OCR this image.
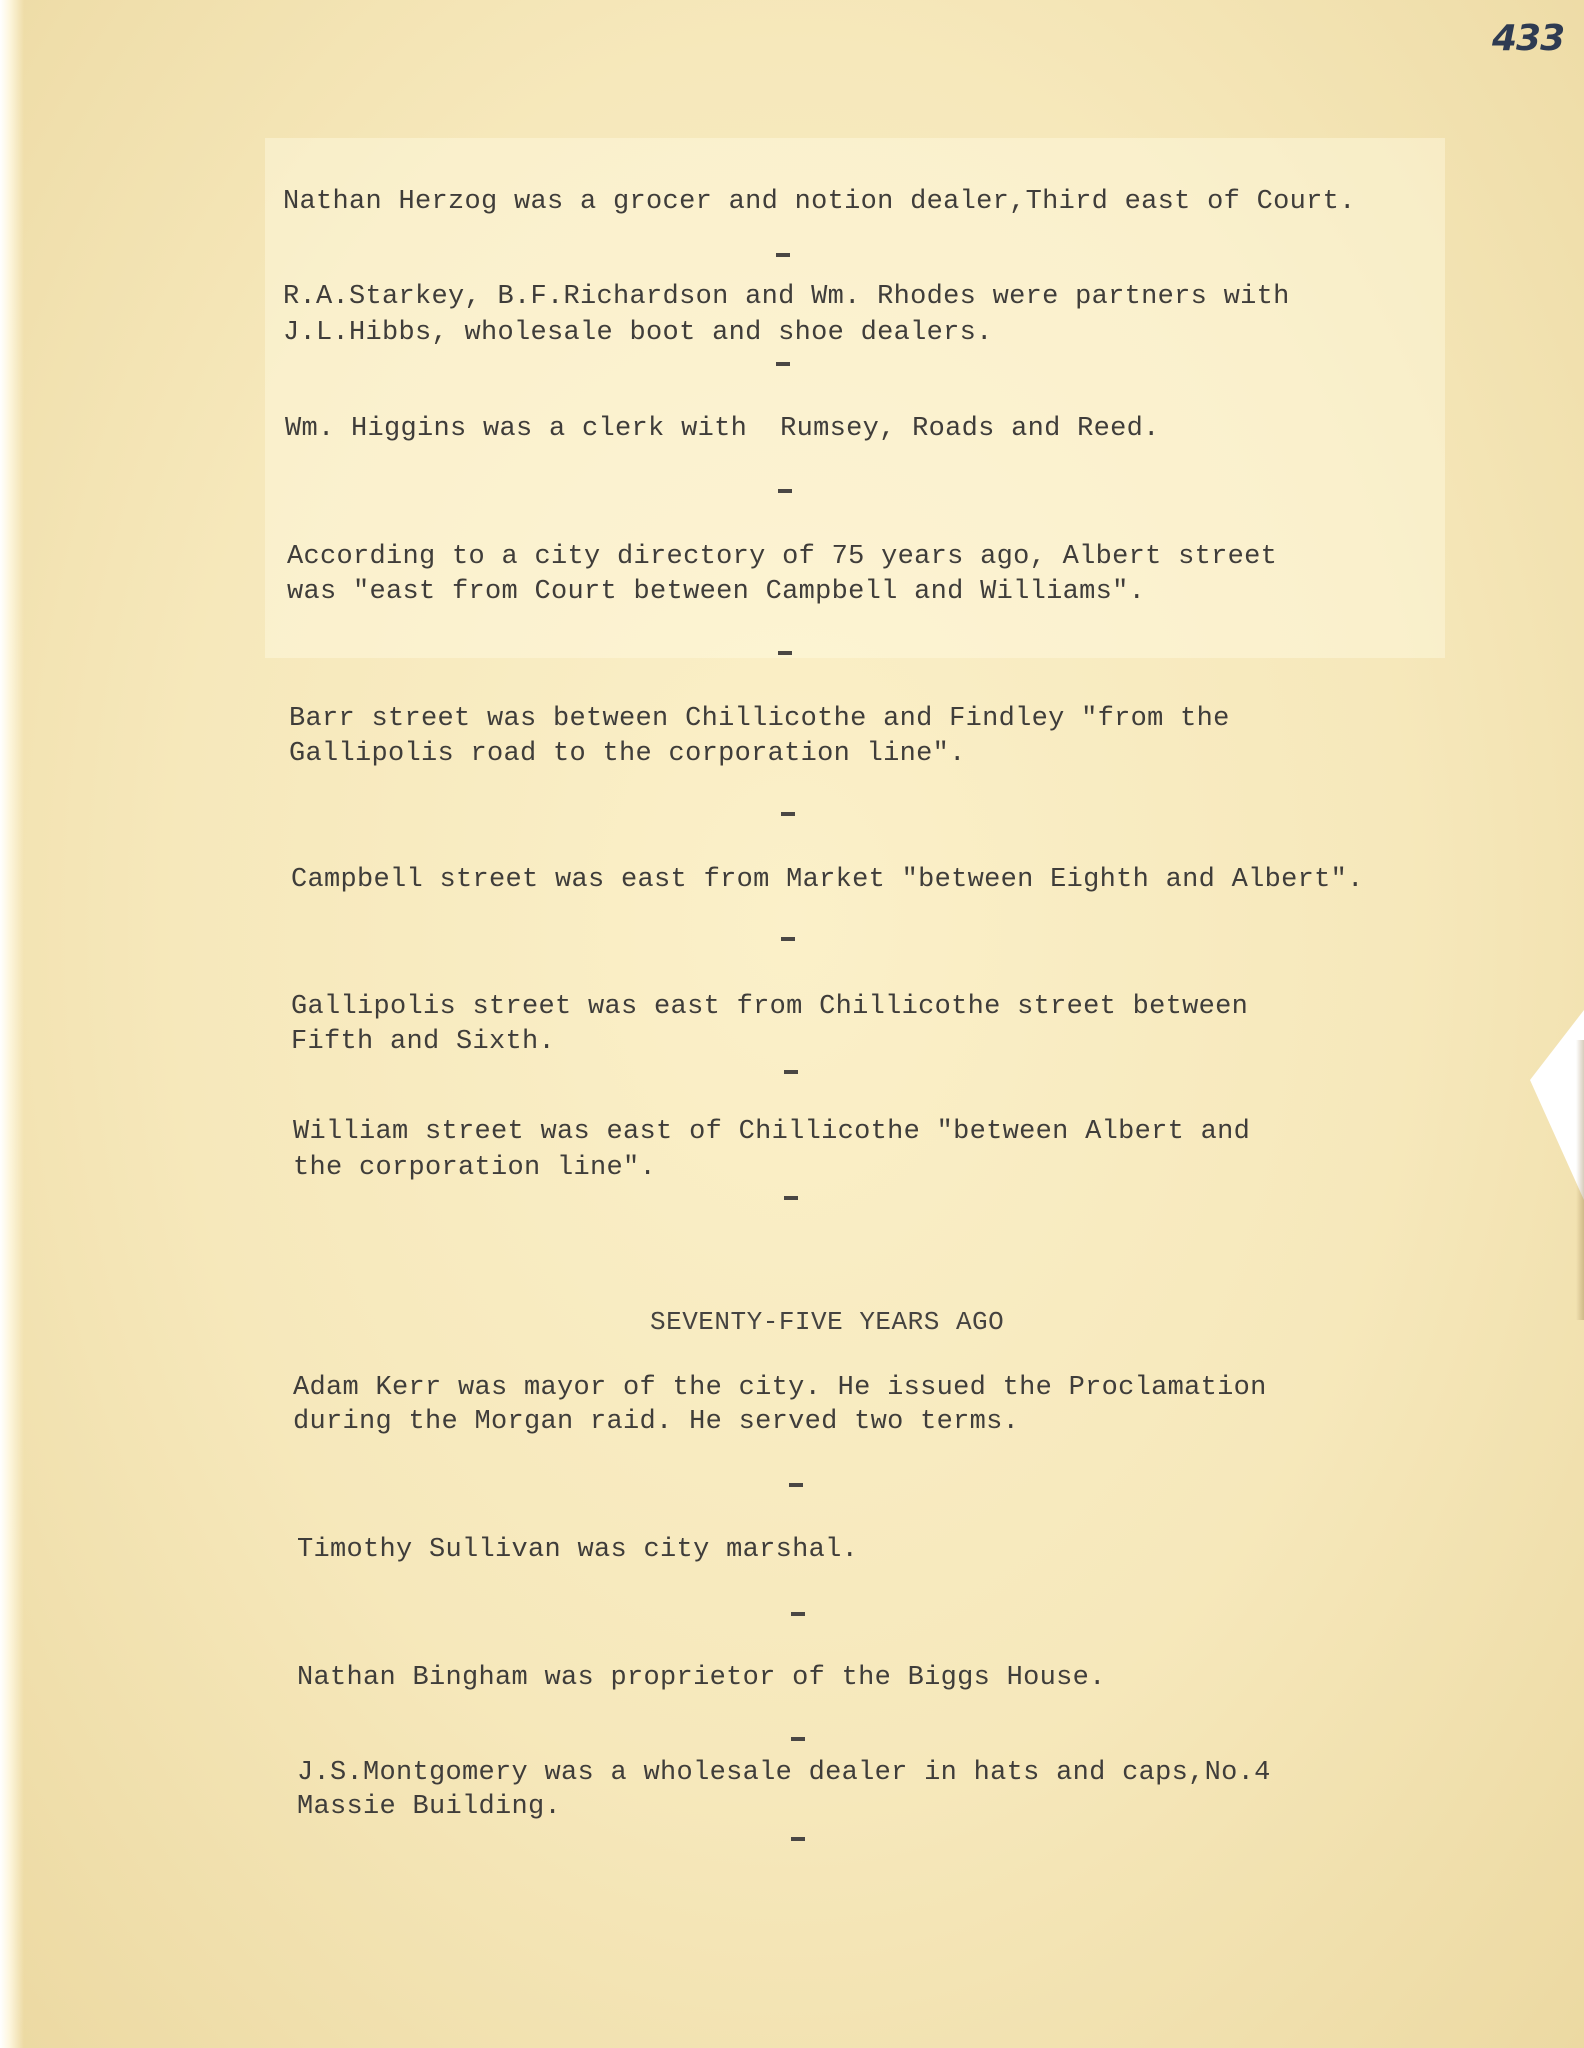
433
Nathan Herzog was a grocer and notion dealer,Third east of Court.
R.A.Starkey, B.F.Richardson and Wm. Rhodes were partners with
J.L.Hibbs, wholesale boot and shoe dealers.
Wm. Higgins was a clerk with  Rumsey, Roads and Reed.
According to a city directory of 75 years ago, Albert street
was "east from Court between Campbell and Williams".
Barr street was between Chillicothe and Findley "from the
Gallipolis road to the corporation line".
Campbell street was east from Market "between Eighth and Albert".
Gallipolis street was east from Chillicothe street between
Fifth and Sixth.
William street was east of Chillicothe "between Albert and
the corporation line".
SEVENTY-FIVE YEARS AGO
Adam Kerr was mayor of the city. He issued the Proclamation
during the Morgan raid. He served two terms.
Timothy Sullivan was city marshal.
Nathan Bingham was proprietor of the Biggs House.
J.S.Montgomery was a wholesale dealer in hats and caps,No.4
Massie Building.
